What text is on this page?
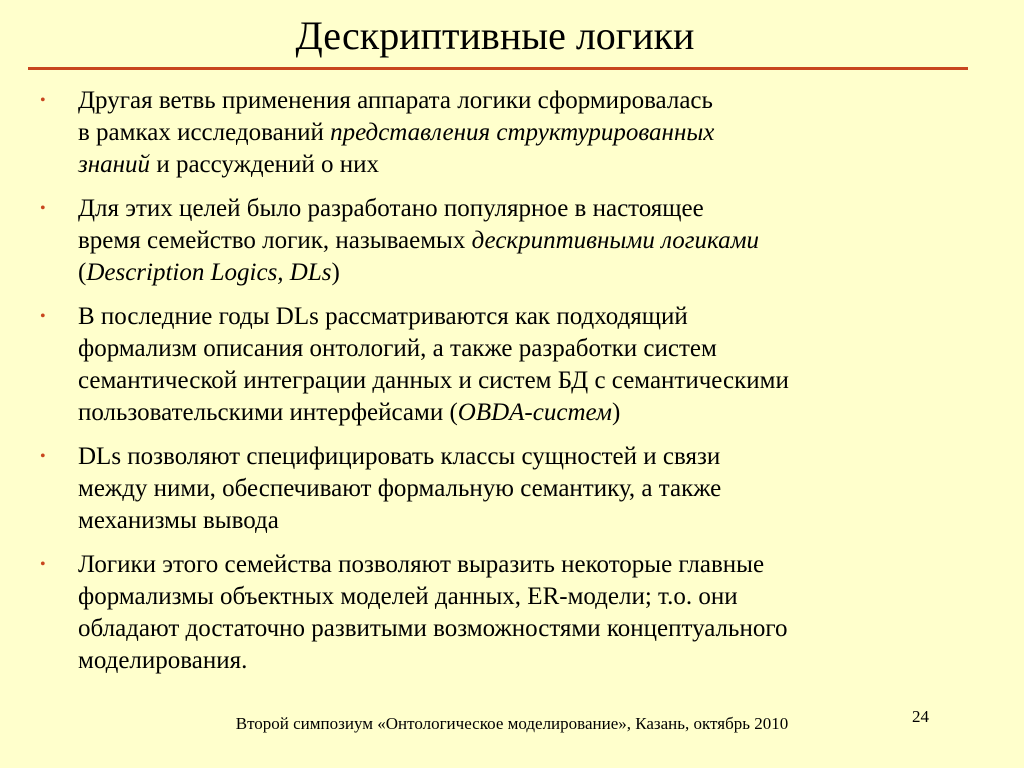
Дескриптивные логики
• Другая ветвь применения аппарата логики сформировалась
в рамках исследований представления структурированных
знаний и рассуждений о них
• Для этих целей было разработано популярное в настоящее
время семейство логик, называемых дескриптивными логиками
(Description Logics, DLs)
• В последние годы DLs рассматриваются как подходящий
формализм описания онтологий, а также разработки систем
семантической интеграции данных и систем БД с семантическими
пользовательскими интерфейсами (OBDA-систем)
• DLs позволяют специфицировать классы сущностей и связи
между ними, обеспечивают формальную семантику, а также
механизмы вывода
• Логики этого семейства позволяют выразить некоторые главные
формализмы объектных моделей данных, ER-модели; т.о. они
обладают достаточно развитыми возможностями концептуального
моделирования.
Второй симпозиум «Онтологическое моделирование», Казань, октябрь 2010	24
